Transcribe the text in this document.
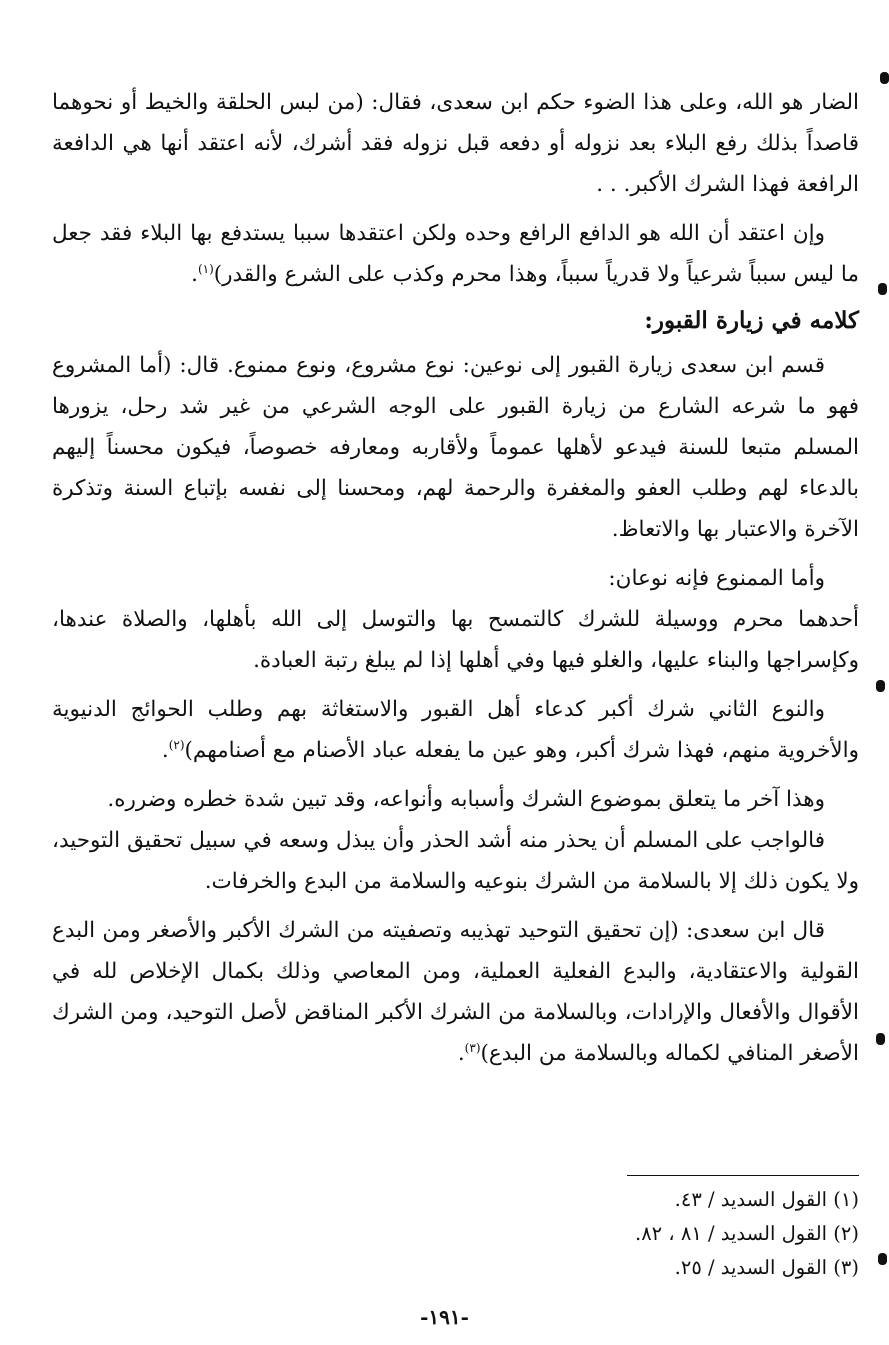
الضار هو الله، وعلى هذا الضوء حكم ابن سعدى، فقال: (من لبس الحلقة والخيط أو نحوهما قاصداً بذلك رفع البلاء بعد نزوله أو دفعه قبل نزوله فقد أشرك، لأنه اعتقد أنها هي الدافعة الرافعة فهذا الشرك الأكبر. . .

وإن اعتقد أن الله هو الدافع الرافع وحده ولكن اعتقدها سببا يستدفع بها البلاء فقد جعل ما ليس سبباً شرعياً ولا قدرياً سبباً، وهذا محرم وكذب على الشرع والقدر)$^{(١)}$.

كلامه في زيارة القبور:

قسم ابن سعدى زيارة القبور إلى نوعين: نوع مشروع، ونوع ممنوع. قال: (أما المشروع فهو ما شرعه الشارع من زيارة القبور على الوجه الشرعي من غير شد رحل، يزورها المسلم متبعا للسنة فيدعو لأهلها عموماً ولأقاربه ومعارفه خصوصاً، فيكون محسناً إليهم بالدعاء لهم وطلب العفو والمغفرة والرحمة لهم، ومحسنا إلى نفسه بإتباع السنة وتذكرة الآخرة والاعتبار بها والاتعاظ.

وأما الممنوع فإنه نوعان:

أحدهما محرم ووسيلة للشرك كالتمسح بها والتوسل إلى الله بأهلها، والصلاة عندها، وكإسراجها والبناء عليها، والغلو فيها وفي أهلها إذا لم يبلغ رتبة العبادة.

والنوع الثاني شرك أكبر كدعاء أهل القبور والاستغاثة بهم وطلب الحوائج الدنيوية والأخروية منهم، فهذا شرك أكبر، وهو عين ما يفعله عباد الأصنام مع أصنامهم)$^{(٢)}$.

وهذا آخر ما يتعلق بموضوع الشرك وأسبابه وأنواعه، وقد تبين شدة خطره وضرره.

فالواجب على المسلم أن يحذر منه أشد الحذر وأن يبذل وسعه في سبيل تحقيق التوحيد، ولا يكون ذلك إلا بالسلامة من الشرك بنوعيه والسلامة من البدع والخرفات.

قال ابن سعدى: (إن تحقيق التوحيد تهذيبه وتصفيته من الشرك الأكبر والأصغر ومن البدع القولية والاعتقادية، والبدع الفعلية العملية، ومن المعاصي وذلك بكمال الإخلاص لله في الأقوال والأفعال والإرادات، وبالسلامة من الشرك الأكبر المناقض لأصل التوحيد، ومن الشرك الأصغر المنافي لكماله وبالسلامة من البدع)$^{(٣)}$.

(١) القول السديد / ٤٣.
(٢) القول السديد / ٨١ ، ٨٢.
(٣) القول السديد / ٢٥.
-١٩١-
